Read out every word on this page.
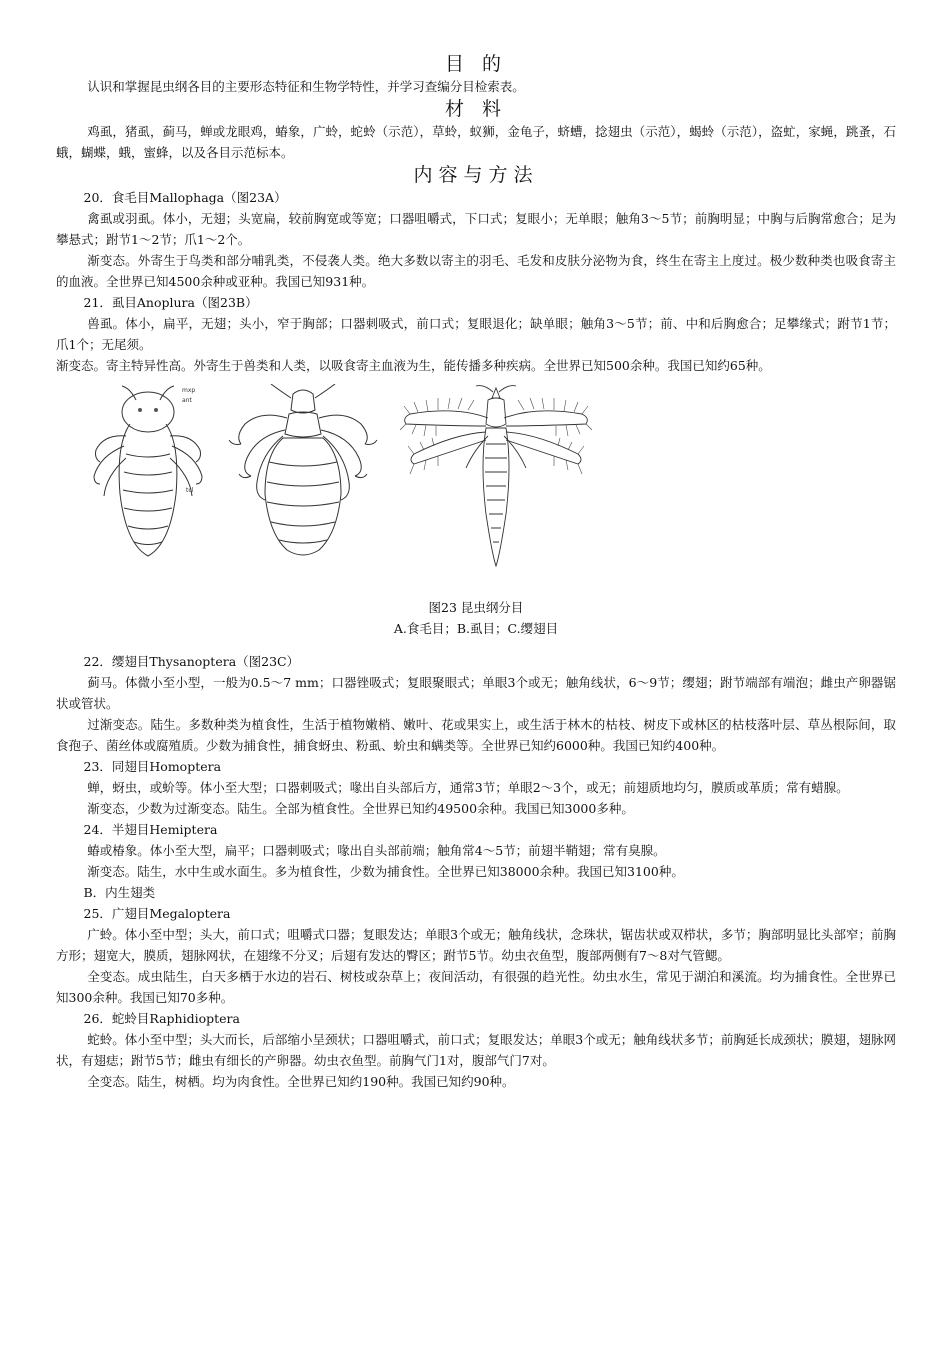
目 的

认识和掌握昆虫纲各目的主要形态特征和生物学特性，并学习查编分目检索表。

材 料

鸡虱，猪虱，蓟马，蝉或龙眼鸡，蝽象，广蛉，蛇蛉（示范），草蛉，蚁狮，金龟子，蛴螬，捻翅虫（示范），蝎蛉（示范），盗虻，家蝇，跳蚤，石蛾，蝴蝶，蛾，蜜蜂，以及各目示范标本。

内容与方法

20．食毛目Mallophaga（图23A）

禽虱或羽虱。体小，无翅；头宽扁，较前胸宽或等宽；口器咀嚼式，下口式；复眼小；无单眼；触角3～5节；前胸明显；中胸与后胸常愈合；足为攀悬式；跗节1～2节；爪1～2个。

渐变态。外寄生于鸟类和部分哺乳类，不侵袭人类。绝大多数以寄主的羽毛、毛发和皮肤分泌物为食，终生在寄主上度过。极少数种类也吸食寄主的血液。全世界已知4500余种或亚种。我国已知931种。

21．虱目Anoplura（图23B）

兽虱。体小，扁平，无翅；头小，窄于胸部；口器刺吸式，前口式；复眼退化；缺单眼；触角3～5节；前、中和后胸愈合；足攀缘式；跗节1节；爪1个；无尾须。

渐变态。寄主特异性高。外寄生于兽类和人类，以吸食寄主血液为生，能传播多种疾病。全世界已知500余种。我国已知约65种。

mxp
ant
tcl

图23 昆虫纲分目

A.食毛目；B.虱目；C.缨翅目

22．缨翅目Thysanoptera（图23C）

蓟马。体微小至小型，一般为0.5～7 mm；口器锉吸式；复眼聚眼式；单眼3个或无；触角线状，6～9节；缨翅；跗节端部有端泡；雌虫产卵器锯状或管状。

过渐变态。陆生。多数种类为植食性，生活于植物嫩梢、嫩叶、花或果实上，或生活于林木的枯枝、树皮下或林区的枯枝落叶层、草丛根际间，取食孢子、菌丝体或腐殖质。少数为捕食性，捕食蚜虫、粉虱、蚧虫和螨类等。全世界已知约6000种。我国已知约400种。

23．同翅目Homoptera

蝉，蚜虫，或蚧等。体小至大型；口器刺吸式；喙出自头部后方，通常3节；单眼2～3个，或无；前翅质地均匀，膜质或革质；常有蜡腺。

渐变态，少数为过渐变态。陆生。全部为植食性。全世界已知约49500余种。我国已知3000多种。

24．半翅目Hemiptera

蝽或椿象。体小至大型，扁平；口器刺吸式；喙出自头部前端；触角常4～5节；前翅半鞘翅；常有臭腺。

渐变态。陆生，水中生或水面生。多为植食性，少数为捕食性。全世界已知38000余种。我国已知3100种。

B．内生翅类

25．广翅目Megaloptera

广蛉。体小至中型；头大，前口式；咀嚼式口器；复眼发达；单眼3个或无；触角线状，念珠状，锯齿状或双栉状，多节；胸部明显比头部窄；前胸方形；翅宽大，膜质，翅脉网状，在翅缘不分叉；后翅有发达的臀区；跗节5节。幼虫衣鱼型，腹部两侧有7～8对气管鳃。

全变态。成虫陆生，白天多栖于水边的岩石、树枝或杂草上；夜间活动，有很强的趋光性。幼虫水生，常见于湖泊和溪流。均为捕食性。全世界已知300余种。我国已知70多种。

26．蛇蛉目Raphidioptera

蛇蛉。体小至中型；头大而长，后部缩小呈颈状；口器咀嚼式，前口式；复眼发达；单眼3个或无；触角线状多节；前胸延长成颈状；膜翅，翅脉网状，有翅痣；跗节5节；雌虫有细长的产卵器。幼虫衣鱼型。前胸气门1对，腹部气门7对。

全变态。陆生，树栖。均为肉食性。全世界已知约190种。我国已知约90种。
